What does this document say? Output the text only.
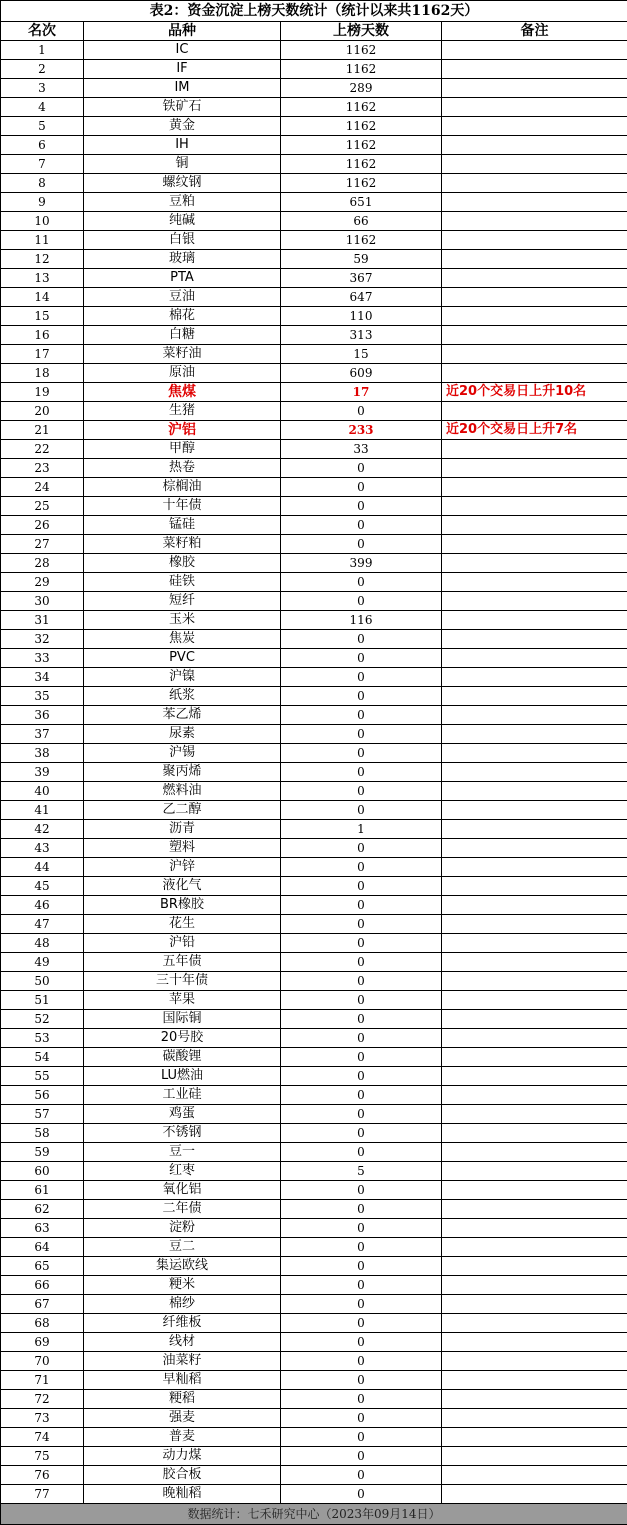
表2：资金沉淀上榜天数统计（统计以来共1162天）			
名次	品种	上榜天数	备注
1	IC	1162	
2	IF	1162	
3	IM	289	
4	铁矿石	1162	
5	黄金	1162	
6	IH	1162	
7	铜	1162	
8	螺纹钢	1162	
9	豆粕	651	
10	纯碱	66	
11	白银	1162	
12	玻璃	59	
13	PTA	367	
14	豆油	647	
15	棉花	110	
16	白糖	313	
17	菜籽油	15	
18	原油	609	
19	焦煤	17	近20个交易日上升10名
20	生猪	0	
21	沪铝	233	近20个交易日上升7名
22	甲醇	33	
23	热卷	0	
24	棕榈油	0	
25	十年债	0	
26	锰硅	0	
27	菜籽粕	0	
28	橡胶	399	
29	硅铁	0	
30	短纤	0	
31	玉米	116	
32	焦炭	0	
33	PVC	0	
34	沪镍	0	
35	纸浆	0	
36	苯乙烯	0	
37	尿素	0	
38	沪锡	0	
39	聚丙烯	0	
40	燃料油	0	
41	乙二醇	0	
42	沥青	1	
43	塑料	0	
44	沪锌	0	
45	液化气	0	
46	BR橡胶	0	
47	花生	0	
48	沪铅	0	
49	五年债	0	
50	三十年债	0	
51	苹果	0	
52	国际铜	0	
53	20号胶	0	
54	碳酸锂	0	
55	LU燃油	0	
56	工业硅	0	
57	鸡蛋	0	
58	不锈钢	0	
59	豆一	0	
60	红枣	5	
61	氧化铝	0	
62	二年债	0	
63	淀粉	0	
64	豆二	0	
65	集运欧线	0	
66	粳米	0	
67	棉纱	0	
68	纤维板	0	
69	线材	0	
70	油菜籽	0	
71	早籼稻	0	
72	粳稻	0	
73	强麦	0	
74	普麦	0	
75	动力煤	0	
76	胶合板	0	
77	晚籼稻	0	
数据统计：七禾研究中心（2023年09月14日）			
